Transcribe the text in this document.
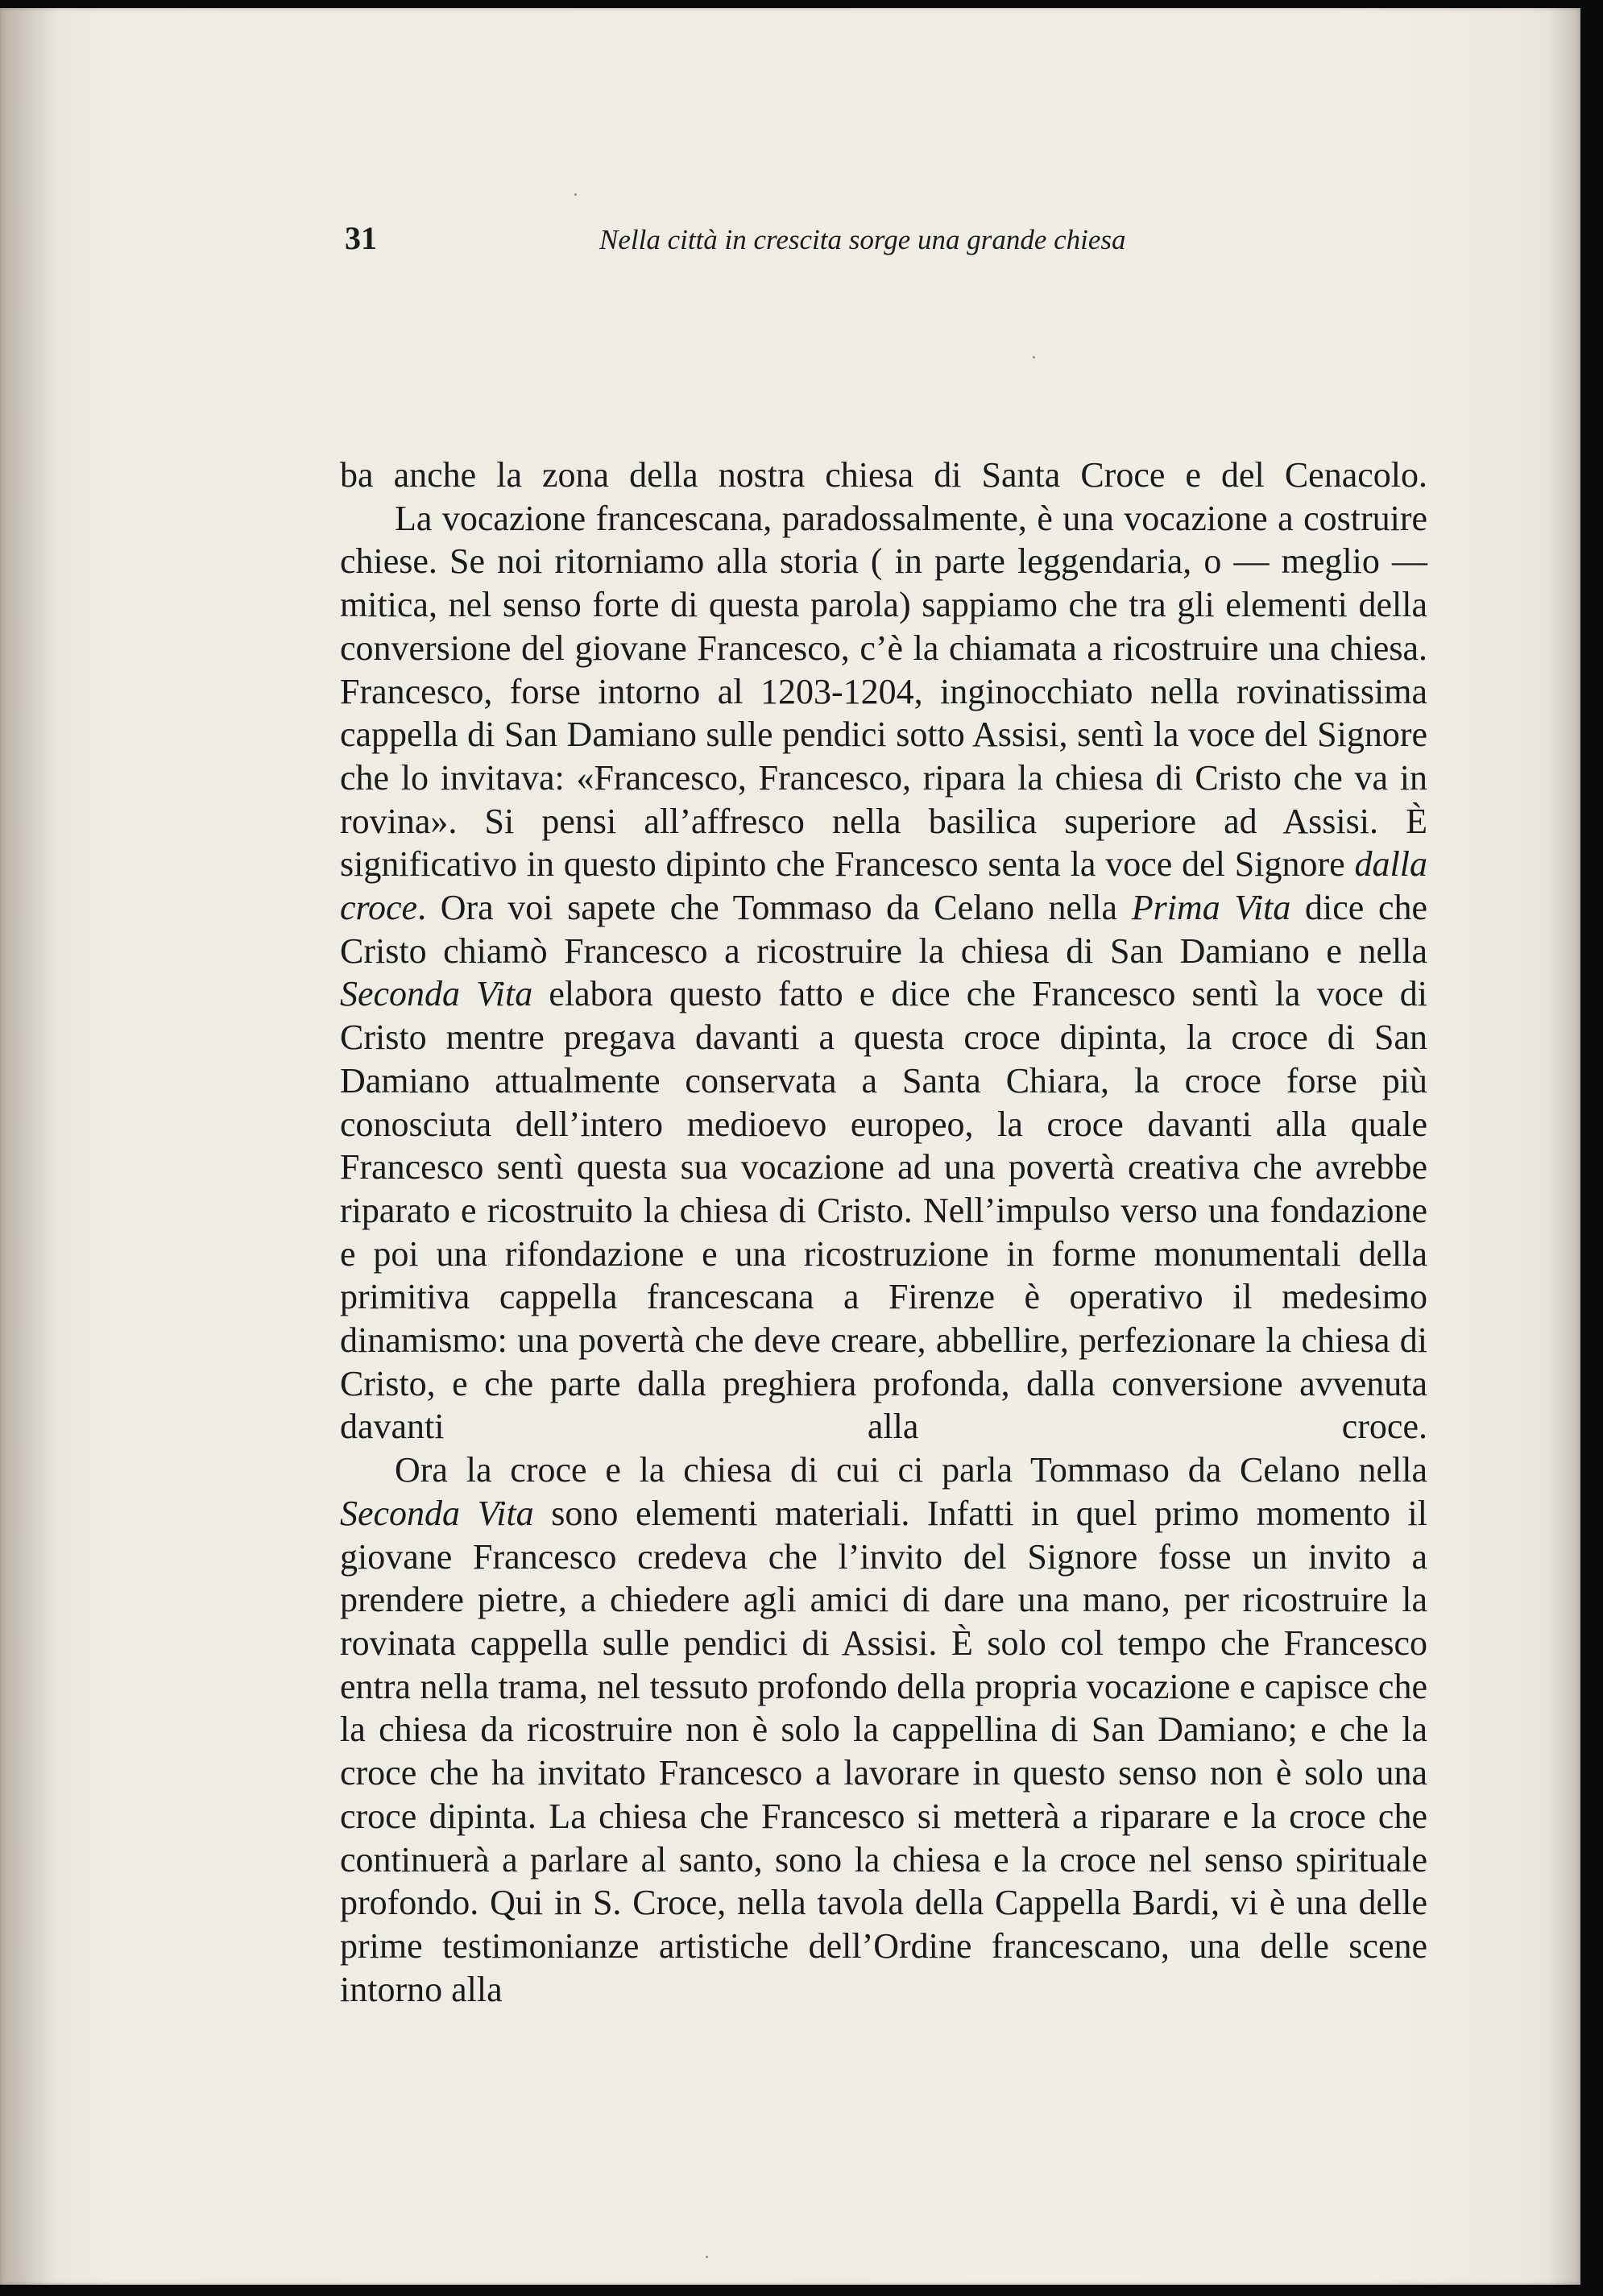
31	Nella città in crescita sorge una grande chiesa

ba anche la zona della nostra chiesa di Santa Croce e del Cenacolo.

La vocazione francescana, paradossalmente, è una vocazione a costruire chiese. Se noi ritorniamo alla storia ( in parte leggendaria, o — meglio — mitica, nel senso forte di questa parola) sappiamo che tra gli elementi della conversione del giovane Francesco, c’è la chiamata a ricostruire una chiesa. Francesco, forse intorno al 1203-1204, inginocchiato nella rovinatissima cappella di San Damiano sulle pendici sotto Assisi, sentì la voce del Signore che lo invitava: «Francesco, Francesco, ripara la chiesa di Cristo che va in rovina». Si pensi all’affresco nella basilica superiore ad Assisi. È significativo in questo dipinto che Francesco senta la voce del Signore dalla croce. Ora voi sapete che Tommaso da Celano nella Prima Vita dice che Cristo chiamò Francesco a ricostruire la chiesa di San Damiano e nella Seconda Vita elabora questo fatto e dice che Francesco sentì la voce di Cristo mentre pregava davanti a questa croce dipinta, la croce di San Damiano attualmente conservata a Santa Chiara, la croce forse più conosciuta dell’intero medioevo europeo, la croce davanti alla quale Francesco sentì questa sua vocazione ad una povertà creativa che avrebbe riparato e ricostruito la chiesa di Cristo. Nell’impulso verso una fondazione e poi una rifondazione e una ricostruzione in forme monumentali della primitiva cappella francescana a Firenze è operativo il medesimo dinamismo: una povertà che deve creare, abbellire, perfezionare la chiesa di Cristo, e che parte dalla preghiera profonda, dalla conversione avvenuta davanti alla croce.

Ora la croce e la chiesa di cui ci parla Tommaso da Celano nella Seconda Vita sono elementi materiali. Infatti in quel primo momento il giovane Francesco credeva che l’invito del Signore fosse un invito a prendere pietre, a chiedere agli amici di dare una mano, per ricostruire la rovinata cappella sulle pendici di Assisi. È solo col tempo che Francesco entra nella trama, nel tessuto profondo della propria vocazione e capisce che la chiesa da ricostruire non è solo la cappellina di San Damiano; e che la croce che ha invitato Francesco a lavorare in questo senso non è solo una croce dipinta. La chiesa che Francesco si metterà a riparare e la croce che continuerà a parlare al santo, sono la chiesa e la croce nel senso spirituale profondo. Qui in S. Croce, nella tavola della Cappella Bardi, vi è una delle prime testimonianze artistiche dell’Ordine francescano, una delle scene intorno alla
